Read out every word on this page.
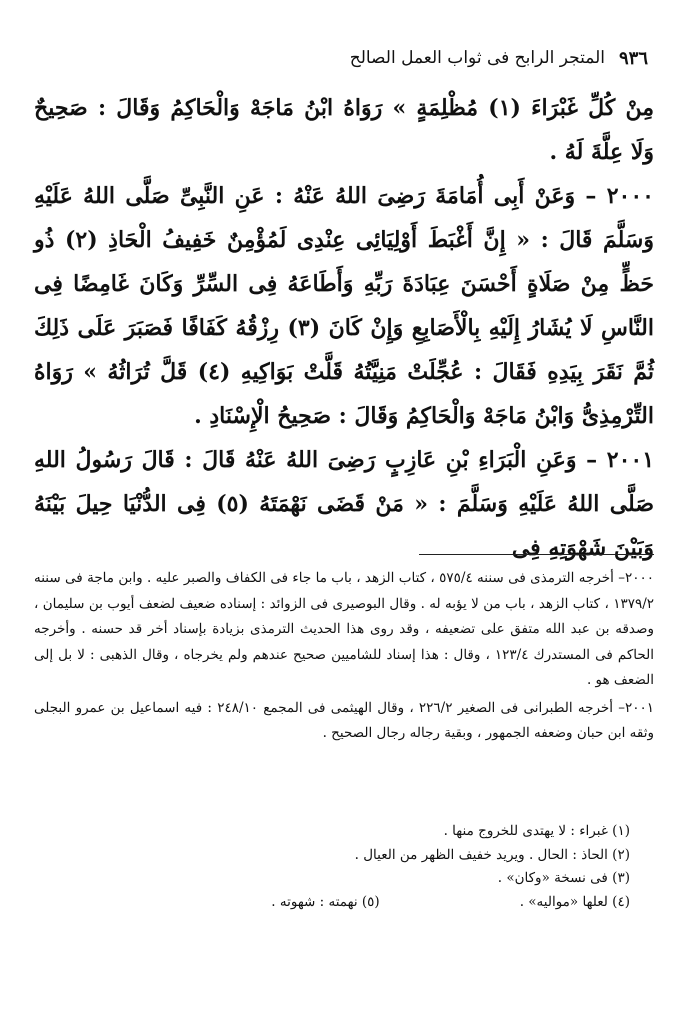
٩٣٦
المتجر الرابح فى ثواب العمل الصالح

مِنْ كُلِّ غَبْرَاءَ (١) مُظْلِمَةٍ » رَوَاهُ ابْنُ مَاجَهْ وَالْحَاكِمُ وَقَالَ : صَحِيحٌ وَلَا عِلَّةَ لَهُ .

٢٠٠٠ – وَعَنْ أَبِى أُمَامَةَ رَضِىَ اللهُ عَنْهُ : عَنِ النَّبِىِّ صَلَّى اللهُ عَلَيْهِ وَسَلَّمَ قَالَ : « إِنَّ أَغْبَطَ أَوْلِيَائِى عِنْدِى لَمُؤْمِنٌ خَفِيفُ الْحَاذِ (٢) ذُو حَظٍّ مِنْ صَلَاةٍ أَحْسَنَ عِبَادَةَ رَبِّهِ وَأَطَاعَهُ فِى السِّرِّ وَكَانَ غَامِضًا فِى النَّاسِ لَا يُشَارُ إِلَيْهِ بِالْأَصَابِعِ وَإِنْ كَانَ (٣) رِزْقُهُ كَفَافًا فَصَبَرَ عَلَى ذَلِكَ ثُمَّ نَقَرَ بِيَدِهِ فَقَالَ : عُجِّلَتْ مَنِيَّتُهُ قَلَّتْ بَوَاكِيهِ (٤) قَلَّ تُرَاثُهُ » رَوَاهُ التِّرْمِذِىُّ وَابْنُ مَاجَهْ وَالْحَاكِمُ وَقَالَ : صَحِيحُ الْإِسْنَادِ .

٢٠٠١ – وَعَنِ الْبَرَاءِ بْنِ عَازِبٍ رَضِىَ اللهُ عَنْهُ قَالَ : قَالَ رَسُولُ اللهِ صَلَّى اللهُ عَلَيْهِ وَسَلَّمَ : « مَنْ قَضَى نَهْمَتَهُ (٥) فِى الدُّنْيَا حِيلَ بَيْنَهُ وَبَيْنَ شَهْوَتِهِ فِى

٢٠٠٠– أخرجه الترمذى فى سننه ٥٧٥/٤ ، كتاب الزهد ، باب ما جاء فى الكفاف والصبر عليه . وابن ماجة فى سننه ١٣٧٩/٢ ، كتاب الزهد ، باب من لا يؤبه له . وقال البوصيرى فى الزوائد : إسناده ضعيف لضعف أيوب بن سليمان ، وصدقه بن عبد الله متفق على تضعيفه ، وقد روى هذا الحديث الترمذى بزيادة بإسناد أخر قد حسنه . وأخرجه الحاكم فى المستدرك ١٢٣/٤ ، وقال : هذا إسناد للشاميين صحيح عندهم ولم يخرجاه ، وقال الذهبى : لا بل إلى الضعف هو .

٢٠٠١– أخرجه الطبرانى فى الصغير ٢٢٦/٢ ، وقال الهيثمى فى المجمع ٢٤٨/١٠ : فيه اسماعيل بن عمرو البجلى وثقه ابن حبان وضعفه الجمهور ، وبقية رجاله رجال الصحيح .

(١) غبراء : لا يهتدى للخروج منها .

(٢) الحاذ : الحال . ويريد خفيف الظهر من العيال .

(٣) فى نسخة «وكان» .

(٤) لعلها «مواليه» .
(٥) نهمته : شهوته .
